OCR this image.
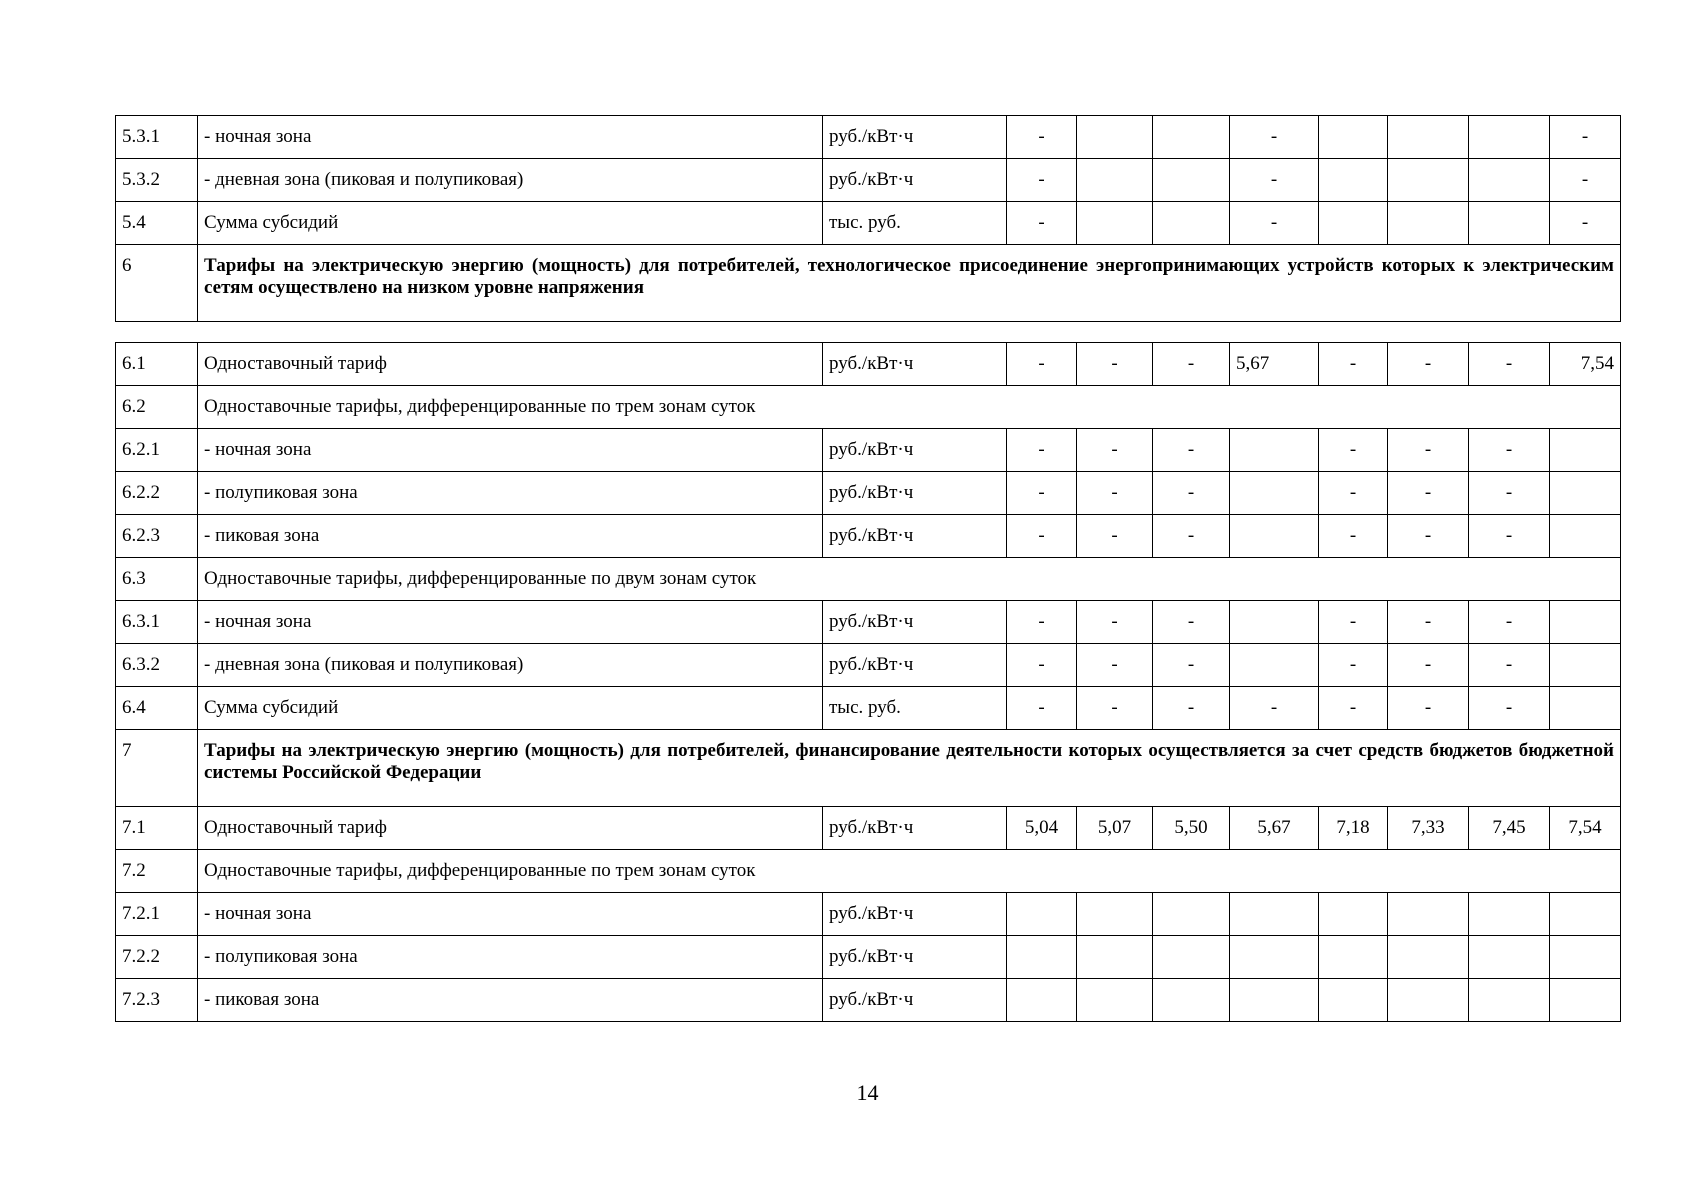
5.3.1	- ночная зона	руб./кВт·ч	-			-				-
5.3.2	- дневная зона (пиковая и полупиковая)	руб./кВт·ч	-			-				-
5.4	Сумма субсидий	тыс. руб.	-			-				-
6	Тарифы на электрическую энергию (мощность) для потребителей, технологическое присоединение энергопринимающих устройств которых к электрическим сетям осуществлено на низком уровне напряжения									
6.1	Одноставочный тариф	руб./кВт·ч	-	-	-	5,67	-	-	-	7,54
6.2	Одноставочные тарифы, дифференцированные по трем зонам суток									
6.2.1	- ночная зона	руб./кВт·ч	-	-	-		-	-	-	
6.2.2	- полупиковая зона	руб./кВт·ч	-	-	-		-	-	-	
6.2.3	- пиковая зона	руб./кВт·ч	-	-	-		-	-	-	
6.3	Одноставочные тарифы, дифференцированные по двум зонам суток									
6.3.1	- ночная зона	руб./кВт·ч	-	-	-		-	-	-	
6.3.2	- дневная зона (пиковая и полупиковая)	руб./кВт·ч	-	-	-		-	-	-	
6.4	Сумма субсидий	тыс. руб.	-	-	-	-	-	-	-	
7	Тарифы на электрическую энергию (мощность) для потребителей, финансирование деятельности которых осуществляется за счет средств бюджетов бюджетной системы Российской Федерации									
7.1	Одноставочный тариф	руб./кВт·ч	5,04	5,07	5,50	5,67	7,18	7,33	7,45	7,54
7.2	Одноставочные тарифы, дифференцированные по трем зонам суток									
7.2.1	- ночная зона	руб./кВт·ч								
7.2.2	- полупиковая зона	руб./кВт·ч								
7.2.3	- пиковая зона	руб./кВт·ч								
14
